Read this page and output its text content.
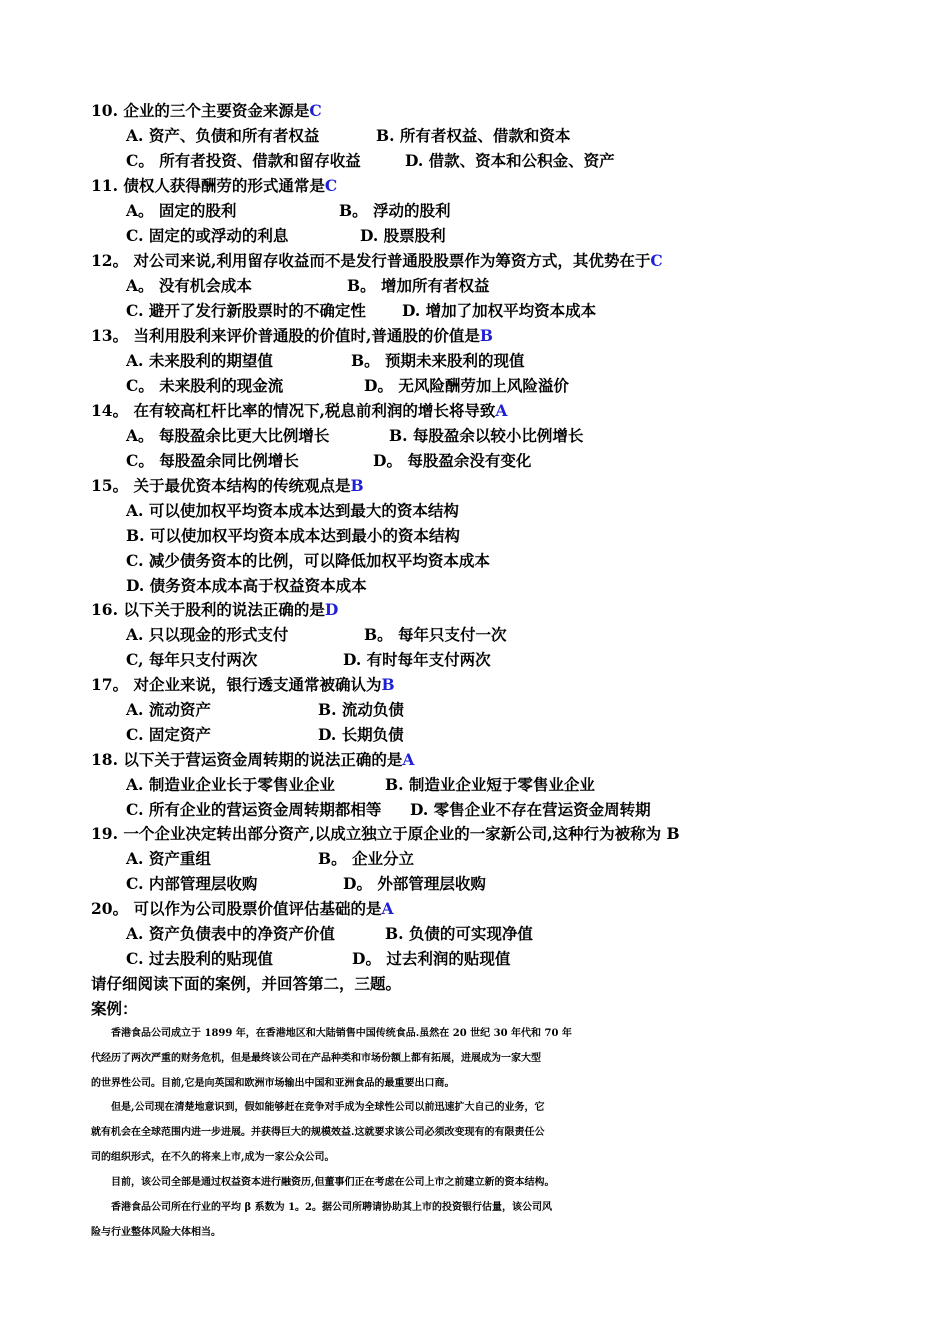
10. 企业的三个主要资金来源是C
A. 资产、负债和所有者权益	B. 所有者权益、借款和资本
C。 所有者投资、借款和留存收益	D. 借款、资本和公积金、资产
11. 债权人获得酬劳的形式通常是C
A。 固定的股利	B。 浮动的股利
C. 固定的或浮动的利息	D. 股票股利
12。 对公司来说,利用留存收益而不是发行普通股股票作为筹资方式，其优势在于C
A。 没有机会成本	B。 增加所有者权益
C. 避开了发行新股票时的不确定性 D. 增加了加权平均资本成本
13。 当利用股利来评价普通股的价值时,普通股的价值是B
A. 未来股利的期望值	B。 预期未来股利的现值
C。 未来股利的现金流	D。 无风险酬劳加上风险溢价
14。 在有较高杠杆比率的情况下,税息前利润的增长将导致A
A。 每股盈余比更大比例增长	B. 每股盈余以较小比例增长
C。 每股盈余同比例增长	D。 每股盈余没有变化
15。 关于最优资本结构的传统观点是B
A. 可以使加权平均资本成本达到最大的资本结构
B. 可以使加权平均资本成本达到最小的资本结构
C. 减少债务资本的比例，可以降低加权平均资本成本
D. 债务资本成本高于权益资本成本
16. 以下关于股利的说法正确的是D
A. 只以现金的形式支付	B。 每年只支付一次
C, 每年只支付两次	D. 有时每年支付两次
17。 对企业来说，银行透支通常被确认为B
A. 流动资产	B. 流动负债
C. 固定资产	D. 长期负债
18. 以下关于营运资金周转期的说法正确的是A
A. 制造业企业长于零售业企业	B. 制造业企业短于零售业企业
C. 所有企业的营运资金周转期都相等 D. 零售企业不存在营运资金周转期
19. 一个企业决定转出部分资产,以成立独立于原企业的一家新公司,这种行为被称为 B
A. 资产重组	B。 企业分立
C. 内部管理层收购	D。 外部管理层收购
20。 可以作为公司股票价值评估基础的是A
A. 资产负债表中的净资产价值	B. 负债的可实现净值
C. 过去股利的贴现值	D。 过去利润的贴现值
请仔细阅读下面的案例，并回答第二，三题。
案例：
　　香港食品公司成立于 1899 年，在香港地区和大陆销售中国传统食品.虽然在 20 世纪 30 年代和 70 年
代经历了两次严重的财务危机，但是最终该公司在产品种类和市场份额上都有拓展，进展成为一家大型
的世界性公司。目前,它是向英国和欧洲市场输出中国和亚洲食品的最重要出口商。
　　但是,公司现在清楚地意识到，假如能够赶在竞争对手成为全球性公司以前迅速扩大自己的业务，它
就有机会在全球范围内进一步进展。并获得巨大的规模效益.这就要求该公司必须改变现有的有限责任公
司的组织形式，在不久的将来上市,成为一家公众公司。
　　目前，该公司全部是通过权益资本进行融资历,但董事们正在考虑在公司上市之前建立新的资本结构。
　　香港食品公司所在行业的平均 β 系数为 1。2。据公司所聘请协助其上市的投资银行估量，该公司风
险与行业整体风险大体相当。
